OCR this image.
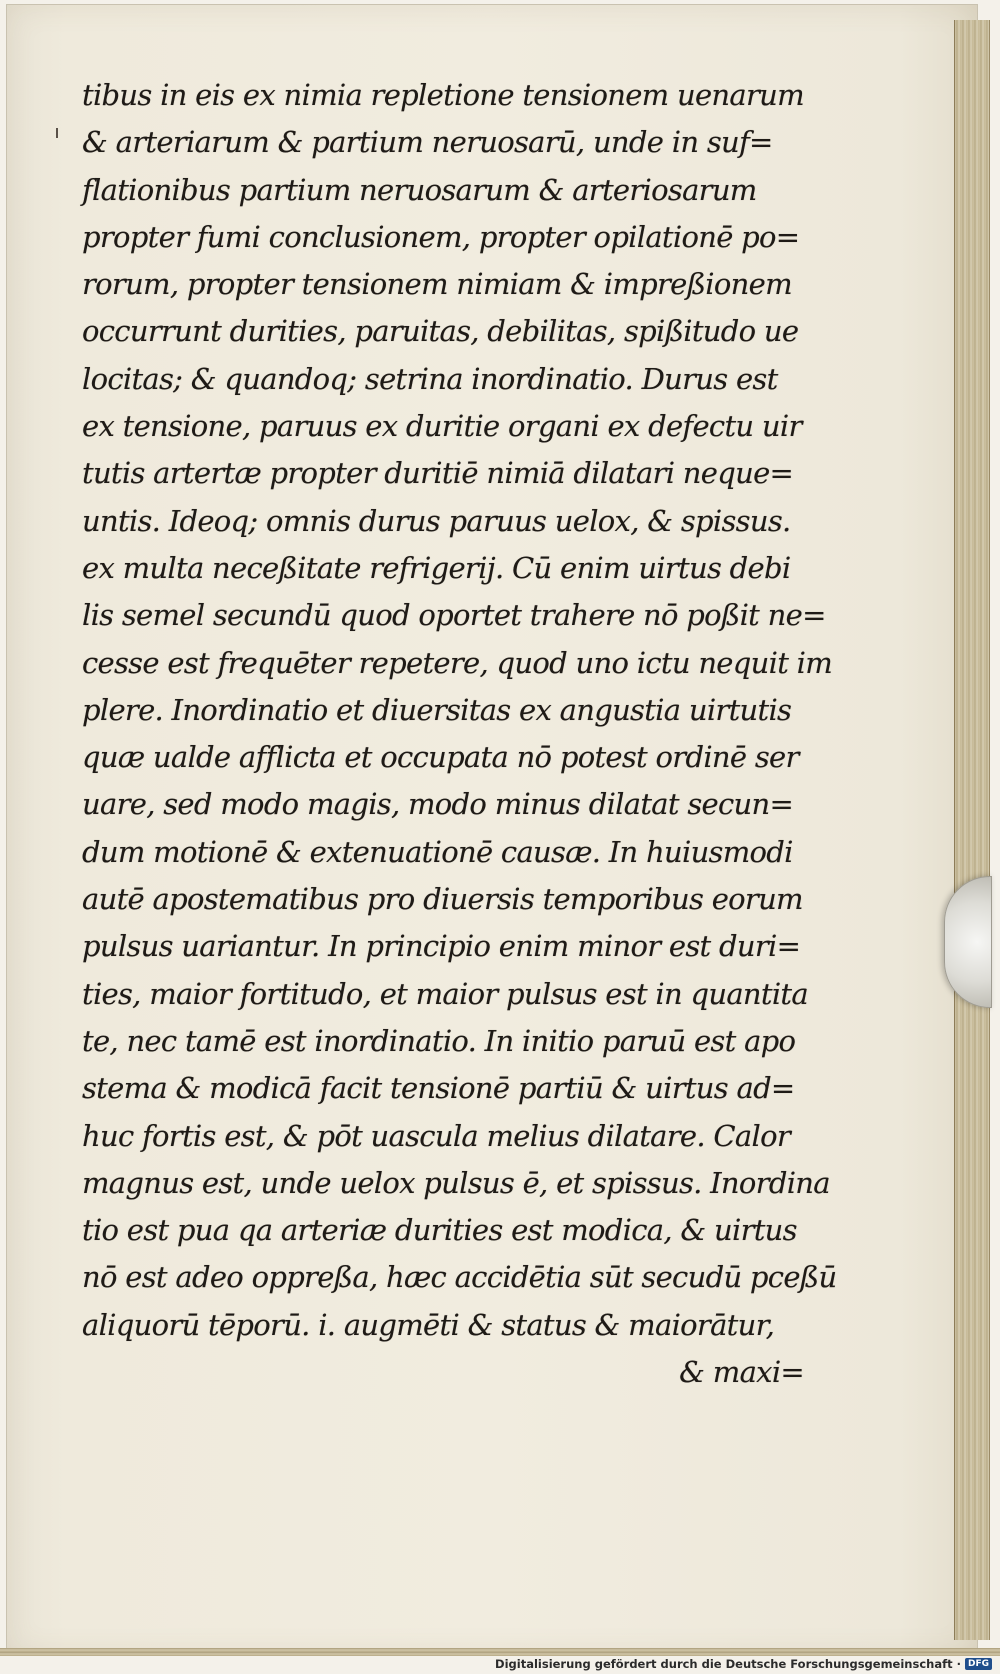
tibus in eis ex nimia repletione tensionem uenarum
& arteriarum & partium neruosarū, unde in suf=
flationibus partium neruosarum & arteriosarum
propter fumi conclusionem, propter opilationē po=
rorum, propter tensionem nimiam & impreßionem
occurrunt durities, paruitas, debilitas, spißitudo ue
locitas; & quandoq; setrina inordinatio. Durus est
ex tensione, paruus ex duritie organi ex defectu uir
tutis artertæ propter duritiē nimiā dilatari neque=
untis. Ideoq; omnis durus paruus uelox, & spissus.
ex multa neceßitate refrigerij. Cū enim uirtus debi
lis semel secundū quod oportet trahere nō poßit ne=
cesse est frequēter repetere, quod uno ictu nequit im
plere. Inordinatio et diuersitas ex angustia uirtutis
quæ ualde afflicta et occupata nō potest ordinē ser
uare, sed modo magis, modo minus dilatat secun=
dum motionē & extenuationē causæ. In huiusmodi
autē apostematibus pro diuersis temporibus eorum
pulsus uariantur. In principio enim minor est duri=
ties, maior fortitudo, et maior pulsus est in quantita
te, nec tamē est inordinatio. In initio paruū est apo
stema & modicā facit tensionē partiū & uirtus ad=
huc fortis est, & pōt uascula melius dilatare. Calor
magnus est, unde uelox pulsus ē, et spissus. Inordina
tio est pua qa arteriæ durities est modica, & uirtus
nō est adeo oppreßa, hæc accidētia sūt secudū pceßū
aliquorū tēporū. i. augmēti & status & maiorātur,
& maxi=
Digitalisierung gefördert durch die Deutsche Forschungsgemeinschaft · DFG
